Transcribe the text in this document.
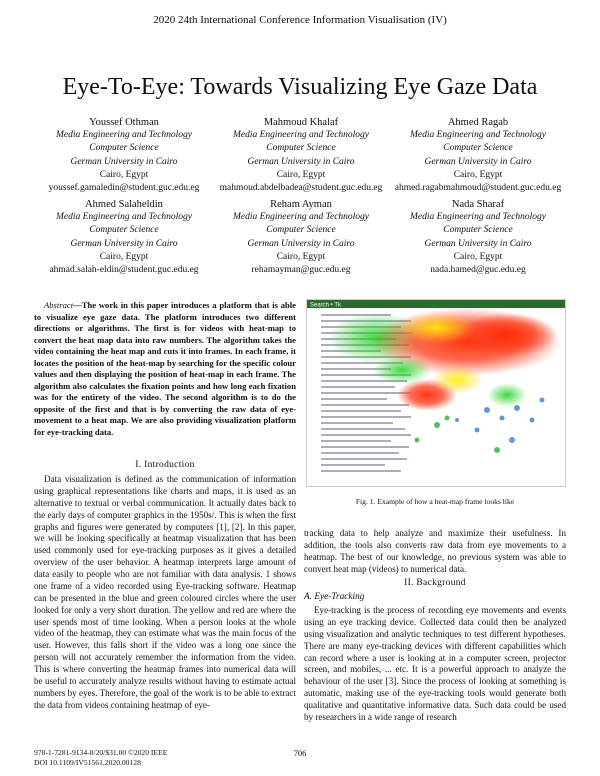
2020 24th International Conference Information Visualisation (IV)
Eye-To-Eye: Towards Visualizing Eye Gaze Data
Youssef Othman
Media Engineering and Technology
Computer Science
German University in Cairo
Cairo, Egypt
youssef.gamaledin@student.guc.edu.eg
Mahmoud Khalaf
Media Engineering and Technology
Computer Science
German University in Cairo
Cairo, Egypt
mahmoud.abdelbadea@student.guc.edu.eg
Ahmed Ragab
Media Engineering and Technology
Computer Science
German University in Cairo
Cairo, Egypt
ahmed.ragabmahmoud@student.guc.edu.eg
Ahmed Salaheldin
Media Engineering and Technology
Computer Science
German University in Cairo
Cairo, Egypt
ahmad.salah-eldin@student.guc.edu.eg
Reham Ayman
Media Engineering and Technology
Computer Science
German University in Cairo
Cairo, Egypt
rehamayman@guc.edu.eg
Nada Sharaf
Media Engineering and Technology
Computer Science
German University in Cairo
Cairo, Egypt
nada.hamed@guc.edu.eg
Abstract—The work in this paper introduces a platform that is able to visualize eye gaze data. The platform introduces two different directions or algorithms. The first is for videos with heat-map to convert the heat map data into raw numbers. The algorithm takes the video containing the heat map and cuts it into frames. In each frame, it locates the position of the heat-map by searching for the specific colour values and then displaying the position of heat-map in each frame. The algorithm also calculates the fixation points and how long each fixation was for the entirety of the video. The second algorithm is to do the opposite of the first and that is by converting the raw data of eye-movement to a heat map. We are also providing visualization platform for eye-tracking data.
I. Introduction
Data visualization is defined as the communication of information using graphical representations like charts and maps, it is used as an alternative to textual or verbal communication. It actually dates back to the early days of computer graphics in the 1950s/. This is when the first graphs and figures were generated by computers [1], [2]. In this paper, we will be looking specifically at heatmap visualization that has been used commonly used for eye-tracking purposes as it gives a detailed overview of the user behavior. A heatmap interprets large amount of data easily to people who are not familiar with data analysis. 1 shows one frame of a video recorded using Eye-tracking software. Heatmap can be presented in the blue and green coloured circles where the user looked for only a very short duration. The yellow and red are where the user spends most of time looking. When a person looks at the whole video of the heatmap, they can estimate what was the main focus of the user. However, this falls short if the video was a long one since the person will not accurately remember the information from the video. This is where converting the heatmap frames into numerical data will be useful to accurately analyze results without having to estimate actual numbers by eyes. Therefore, the goal of the work is to be able to extract the data from videos containing heatmap of eye-
Search • Tk
Fig. 1. Example of how a heat-map frame looks like
tracking data to help analyze and maximize their usefulness. In addition, the tools also converts raw data from eye movements to a heatmap. The best of our knowledge, no previous system was able to convert heat map (videos) to numerical data.
II. Background
A. Eye-Tracking
Eye-tracking is the process of recording eye movements and events using an eye tracking device. Collected data could then be analyzed using visualization and analytic techniques to test different hypotheses. There are many eye-tracking devices with different capabilities which can record where a user is looking at in a computer screen, projector screen, and mobiles, ... etc. It is a powerful approach to analyze the behaviour of the user [3]. Since the process of looking at something is automatic, making use of the eye-tracking tools would generate both qualitative and quantitative informative data. Such data could be used by researchers in a wide range of research
978-1-7281-9134-8/20/$31.00 ©2020 IEEE
DOI 10.1109/IV51561.2020.00128
706
